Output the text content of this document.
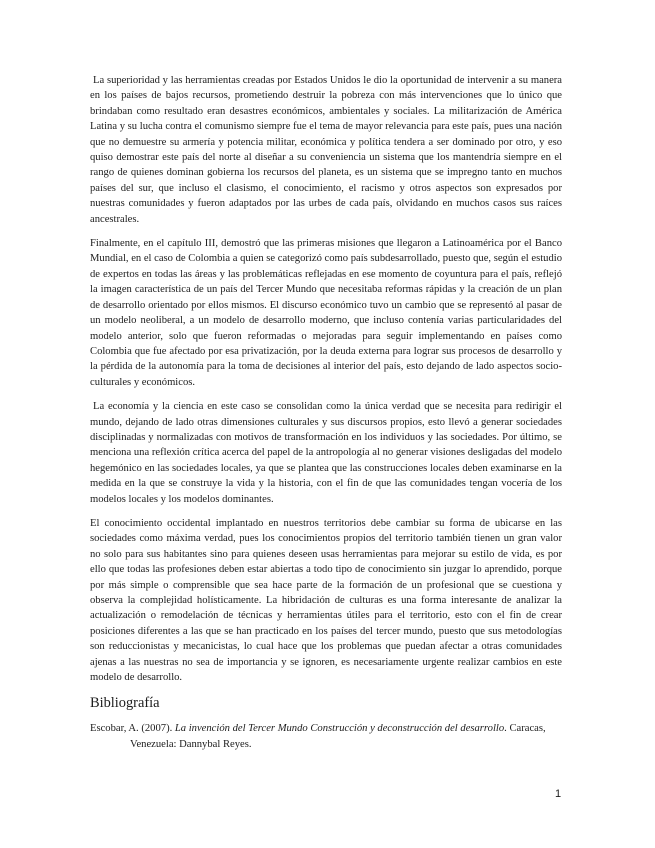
La superioridad y las herramientas creadas por Estados Unidos le dio la oportunidad de intervenir a su manera en los países de bajos recursos, prometiendo destruir la pobreza con más intervenciones que lo único que brindaban como resultado eran desastres económicos, ambientales y sociales. La militarización de América Latina y su lucha contra el comunismo siempre fue el tema de mayor relevancia para este país, pues una nación que no demuestre su armería y potencia militar, económica y política tendera a ser dominado por otro, y eso quiso demostrar este país del norte al diseñar a su conveniencia un sistema que los mantendría siempre en el rango de quienes dominan gobierna los recursos del planeta, es un sistema que se impregno tanto en muchos países del sur, que incluso el clasismo, el conocimiento, el racismo y otros aspectos son expresados por nuestras comunidades y fueron adaptados por las urbes de cada país, olvidando en muchos casos sus raíces ancestrales.

Finalmente, en el capítulo III, demostró que las primeras misiones que llegaron a Latinoamérica por el Banco Mundial, en el caso de Colombia a quien se categorizó como país subdesarrollado, puesto que, según el estudio de expertos en todas las áreas y las problemáticas reflejadas en ese momento de coyuntura para el país, reflejó la imagen característica de un país del Tercer Mundo que necesitaba reformas rápidas y la creación de un plan de desarrollo orientado por ellos mismos. El discurso económico tuvo un cambio que se representó al pasar de un modelo neoliberal, a un modelo de desarrollo moderno, que incluso contenía varias particularidades del modelo anterior, solo que fueron reformadas o mejoradas para seguir implementando en países como Colombia que fue afectado por esa privatización, por la deuda externa para lograr sus procesos de desarrollo y la pérdida de la autonomía para la toma de decisiones al interior del país, esto dejando de lado aspectos socio-culturales y económicos.

La economía y la ciencia en este caso se consolidan como la única verdad que se necesita para redirigir el mundo, dejando de lado otras dimensiones culturales y sus discursos propios, esto llevó a generar sociedades disciplinadas y normalizadas con motivos de transformación en los individuos y las sociedades. Por último, se menciona una reflexión crítica acerca del papel de la antropología al no generar visiones desligadas del modelo hegemónico en las sociedades locales, ya que se plantea que las construcciones locales deben examinarse en la medida en la que se construye la vida y la historia, con el fin de que las comunidades tengan vocería de los modelos locales y los modelos dominantes.

El conocimiento occidental implantado en nuestros territorios debe cambiar su forma de ubicarse en las sociedades como máxima verdad, pues los conocimientos propios del territorio también tienen un gran valor no solo para sus habitantes sino para quienes deseen usas herramientas para mejorar su estilo de vida, es por ello que todas las profesiones deben estar abiertas a todo tipo de conocimiento sin juzgar lo aprendido, porque por más simple o comprensible que sea hace parte de la formación de un profesional que se cuestiona y observa la complejidad holísticamente. La hibridación de culturas es una forma interesante de analizar la actualización o remodelación de técnicas y herramientas útiles para el territorio, esto con el fin de crear posiciones diferentes a las que se han practicado en los países del tercer mundo, puesto que sus metodologías son reduccionistas y mecanicistas, lo cual hace que los problemas que puedan afectar a otras comunidades ajenas a las nuestras no sea de importancia y se ignoren, es necesariamente urgente realizar cambios en este modelo de desarrollo.

Bibliografía

Escobar, A. (2007). La invención del Tercer Mundo Construcción y deconstrucción del desarrollo. Caracas, Venezuela: Dannybal Reyes.

1
